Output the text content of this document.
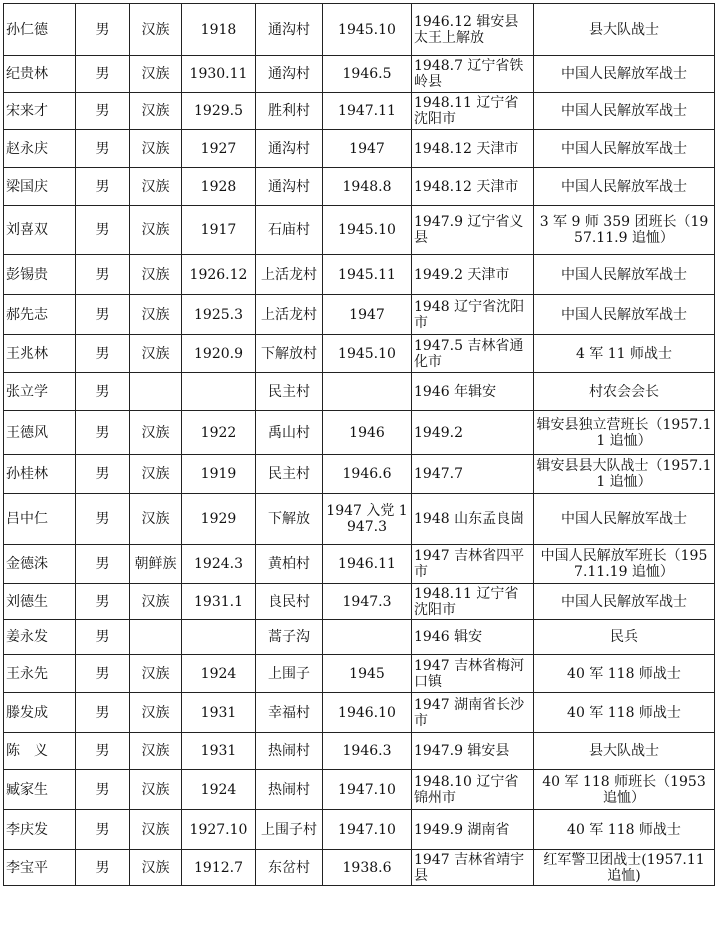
孙仁德	男	汉族	1918	通沟村	1945.10	1946.12 辑安县太王上解放	县大队战士
纪贵林	男	汉族	1930.11	通沟村	1946.5	1948.7 辽宁省铁岭县	中国人民解放军战士
宋来才	男	汉族	1929.5	胜利村	1947.11	1948.11 辽宁省沈阳市	中国人民解放军战士
赵永庆	男	汉族	1927	通沟村	1947	1948.12 天津市	中国人民解放军战士
梁国庆	男	汉族	1928	通沟村	1948.8	1948.12 天津市	中国人民解放军战士
刘喜双	男	汉族	1917	石庙村	1945.10	1947.9 辽宁省义县	3 军 9 师 359 团班长（1957.11.9 追恤）
彭锡贵	男	汉族	1926.12	上活龙村	1945.11	1949.2 天津市	中国人民解放军战士
郝先志	男	汉族	1925.3	上活龙村	1947	1948 辽宁省沈阳市	中国人民解放军战士
王兆林	男	汉族	1920.9	下解放村	1945.10	1947.5 吉林省通化市	4 军 11 师战士
张立学	男			民主村		1946 年辑安	村农会会长
王德风	男	汉族	1922	禹山村	1946	1949.2	辑安县独立营班长（1957.11 追恤）
孙桂林	男	汉族	1919	民主村	1946.6	1947.7	辑安县县大队战士（1957.11 追恤）
吕中仁	男	汉族	1929	下解放	1947 入党 1947.3	1948 山东孟良崮	中国人民解放军战士
金德洙	男	朝鲜族	1924.3	黄柏村	1946.11	1947 吉林省四平市	中国人民解放军班长（1957.11.19 追恤）
刘德生	男	汉族	1931.1	良民村	1947.3	1948.11 辽宁省沈阳市	中国人民解放军战士
姜永发	男			蒿子沟		1946 辑安	民兵
王永先	男	汉族	1924	上围子	1945	1947 吉林省梅河口镇	40 军 118 师战士
滕发成	男	汉族	1931	幸福村	1946.10	1947 湖南省长沙市	40 军 118 师战士
陈　义	男	汉族	1931	热闹村	1946.3	1947.9 辑安县	县大队战士
臧家生	男	汉族	1924	热闹村	1947.10	1948.10 辽宁省锦州市	40 军 118 师班长（1953 追恤）
李庆发	男	汉族	1927.10	上围子村	1947.10	1949.9 湖南省	40 军 118 师战士
李宝平	男	汉族	1912.7	东岔村	1938.6	1947 吉林省靖宇县	红军警卫团战士(1957.11 追恤)
